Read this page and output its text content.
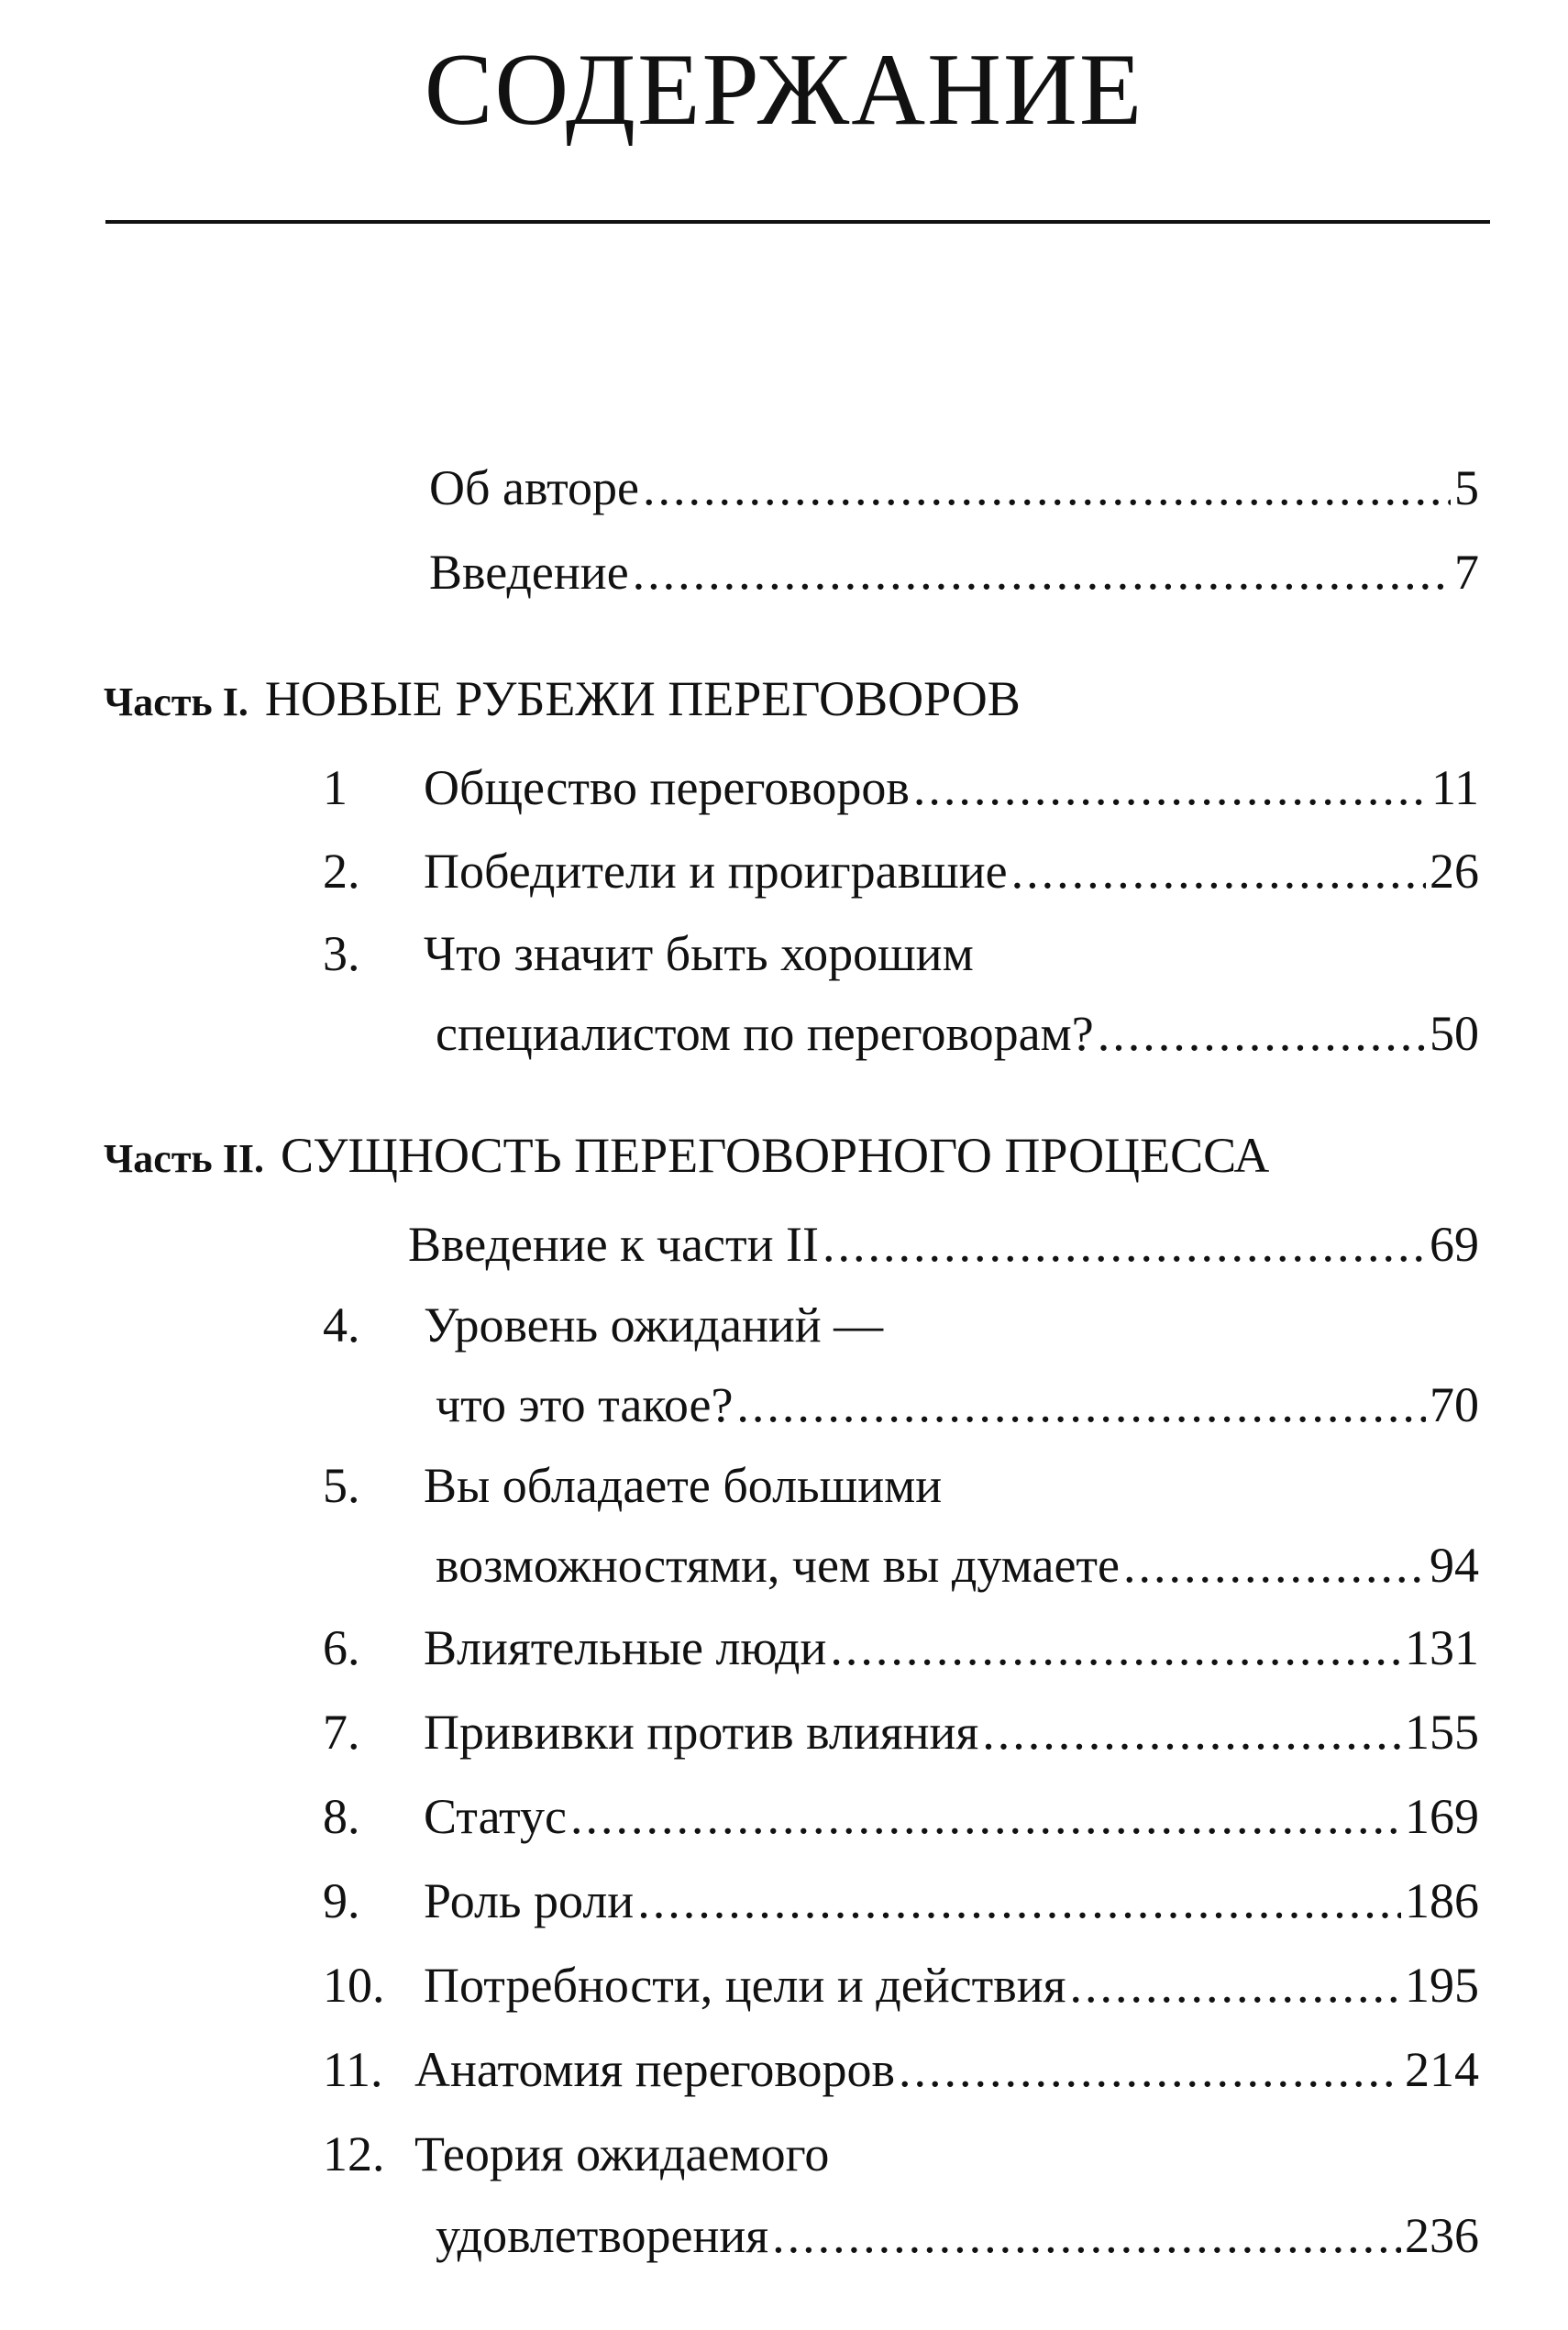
СОДЕРЖАНИЕ
Об авторе .....	5
Введение .....	7
Часть I. НОВЫЕ РУБЕЖИ ПЕРЕГОВОРОВ
1 Общество переговоров .....	11
2. Победители и проигравшие .....	26
3. Что значит быть хорошим
специалистом по переговорам? .....	50
Часть II. СУЩНОСТЬ ПЕРЕГОВОРНОГО ПРОЦЕССА
Введение к части II .....	69
4. Уровень ожиданий —
что это такое? .....	70
5. Вы обладаете большими
возможностями, чем вы думаете .....	94
6. Влиятельные люди .....	131
7. Прививки против влияния .....	155
8. Статус .....	169
9. Роль роли .....	186
10. Потребности, цели и действия .....	195
11. Анатомия переговоров .....	214
12. Теория ожидаемого
удовлетворения .....	236
